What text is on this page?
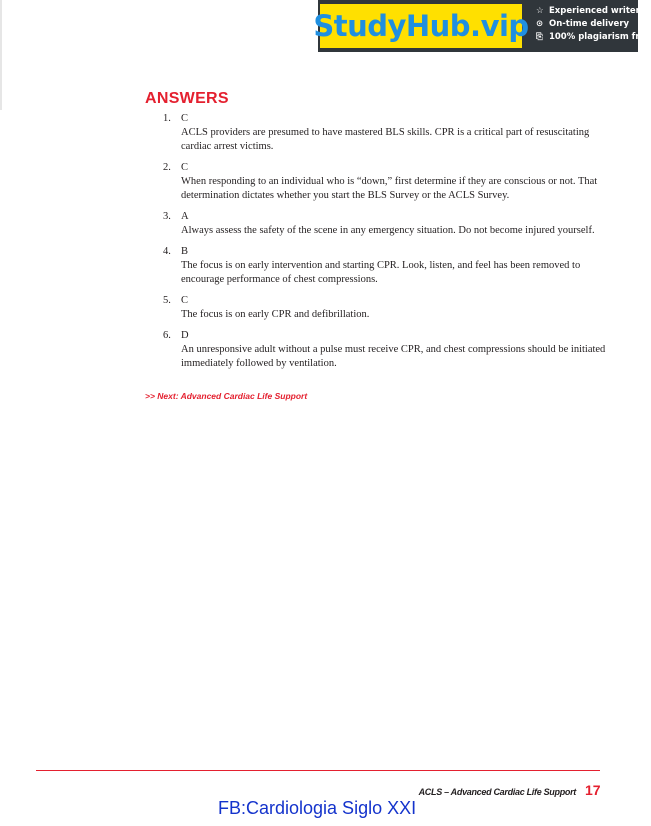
StudyHub.vip ☆ Experienced writers
⊙ On-time delivery
⎘ 100% plagiarism free
ANSWERS
1. C
ACLS providers are presumed to have mastered BLS skills. CPR is a critical part of resuscitating cardiac arrest victims.
2. C
When responding to an individual who is “down,” first determine if they are conscious or not. That determination dictates whether you start the BLS Survey or the ACLS Survey.
3. A
Always assess the safety of the scene in any emergency situation. Do not become injured yourself.
4. B
The focus is on early intervention and starting CPR. Look, listen, and feel has been removed to encourage performance of chest compressions.
5. C
The focus is on early CPR and defibrillation.
6. D
An unresponsive adult without a pulse must receive CPR, and chest compressions should be initiated immediately followed by ventilation.
>> Next: Advanced Cardiac Life Support
ACLS – Advanced Cardiac Life Support 17
FB:Cardiologia Siglo XXI
